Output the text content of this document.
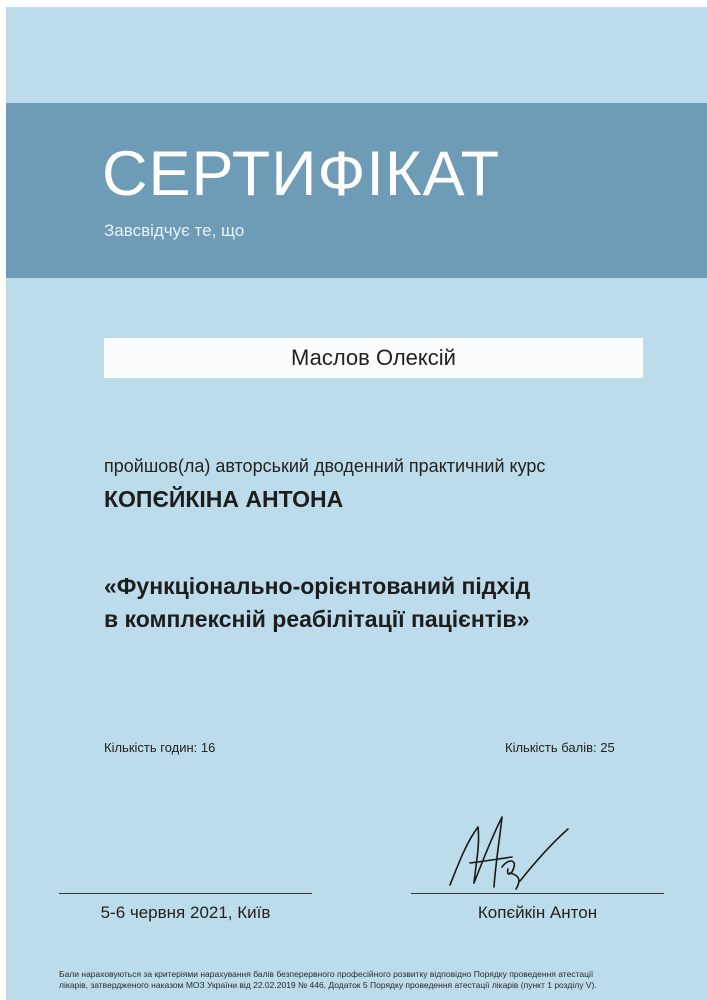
СЕРТИФІКАТ
Завсвідчує те, що
Маслов Олексій
пройшов(ла) авторський дводенний практичний курс
КОПЄЙКІНА АНТОНА
«Функціонально-орієнтований підхід
в комплексній реабілітації пацієнтів»
Кількість годин: 16	Кількість балів: 25
5-6 червня 2021, Київ	Копєйкін Антон
Бали нараховуються за критеріями нарахування балів безперервного професійного розвитку відповідно Порядку проведення атестації
лікарів, затвердженого наказом МОЗ України від 22.02.2019 № 446, Додаток 5 Порядку проведення атестації лікарів (пункт 1 розділу V).
